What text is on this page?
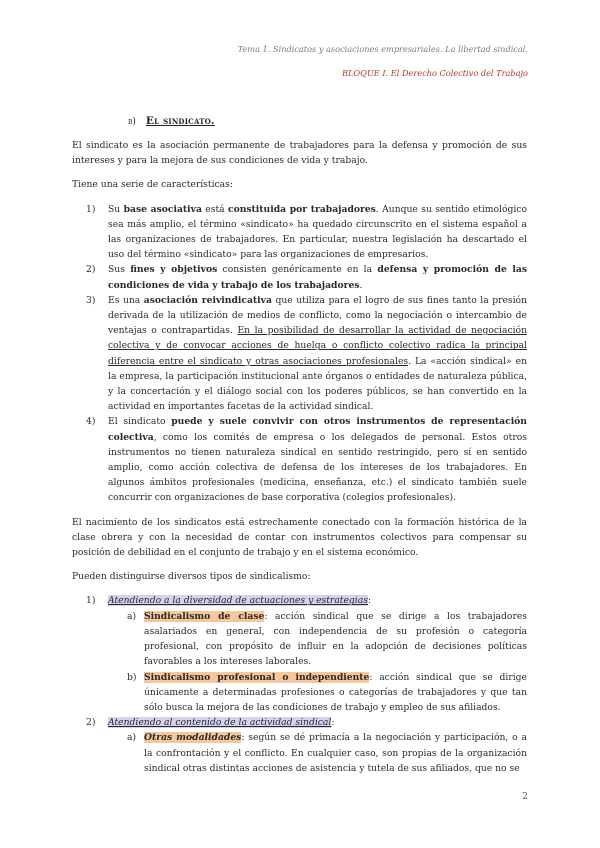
Tema 1. Sindicatos y asociaciones empresariales. La libertad sindical.
BLOQUE I. El Derecho Colectivo del Trabajo
b) El sindicato.

El sindicato es la asociación permanente de trabajadores para la defensa y promoción de sus intereses y para la mejora de sus condiciones de vida y trabajo.

Tiene una serie de características:

1) Su base asociativa está constituida por trabajadores. Aunque su sentido etimológico sea más amplio, el término «sindicato» ha quedado circunscrito en el sistema español a las organizaciones de trabajadores. En particular, nuestra legislación ha descartado el uso del término «sindicato» para las organizaciones de empresarios.
2) Sus fines y objetivos consisten genéricamente en la defensa y promoción de las condiciones de vida y trabajo de los trabajadores.
3) Es una asociación reivindicativa que utiliza para el logro de sus fines tanto la presión derivada de la utilización de medios de conflicto, como la negociación o intercambio de ventajas o contrapartidas. En la posibilidad de desarrollar la actividad de negociación colectiva y de convocar acciones de huelga o conflicto colectivo radica la principal diferencia entre el sindicato y otras asociaciones profesionales. La «acción sindical» en la empresa, la participación institucional ante órganos o entidades de naturaleza pública, y la concertación y el diálogo social con los poderes públicos, se han convertido en la actividad en importantes facetas de la actividad sindical.
4) El sindicato puede y suele convivir con otros instrumentos de representación colectiva, como los comités de empresa o los delegados de personal. Estos otros instrumentos no tienen naturaleza sindical en sentido restringido, pero sí en sentido amplio, como acción colectiva de defensa de los intereses de los trabajadores. En algunos ámbitos profesionales (medicina, enseñanza, etc.) el sindicato también suele concurrir con organizaciones de base corporativa (colegios profesionales).

El nacimiento de los sindicatos está estrechamente conectado con la formación histórica de la clase obrera y con la necesidad de contar con instrumentos colectivos para compensar su posición de debilidad en el conjunto de trabajo y en el sistema económico.

Pueden distinguirse diversos tipos de sindicalismo:

1) Atendiendo a la diversidad de actuaciones y estrategias:
a) Sindicalismo de clase: acción sindical que se dirige a los trabajadores asalariados en general, con independencia de su profesión o categoría profesional, con propósito de influir en la adopción de decisiones políticas favorables a los intereses laborales.
b) Sindicalismo profesional o independiente: acción sindical que se dirige únicamente a determinadas profesiones o categorías de trabajadores y que tan sólo busca la mejora de las condiciones de trabajo y empleo de sus afiliados.
2) Atendiendo al contenido de la actividad sindical:
a) Otras modalidades: según se dé primacía a la negociación y participación, o a la confrontación y el conflicto. En cualquier caso, son propias de la organización sindical otras distintas acciones de asistencia y tutela de sus afiliados, que no se
2
